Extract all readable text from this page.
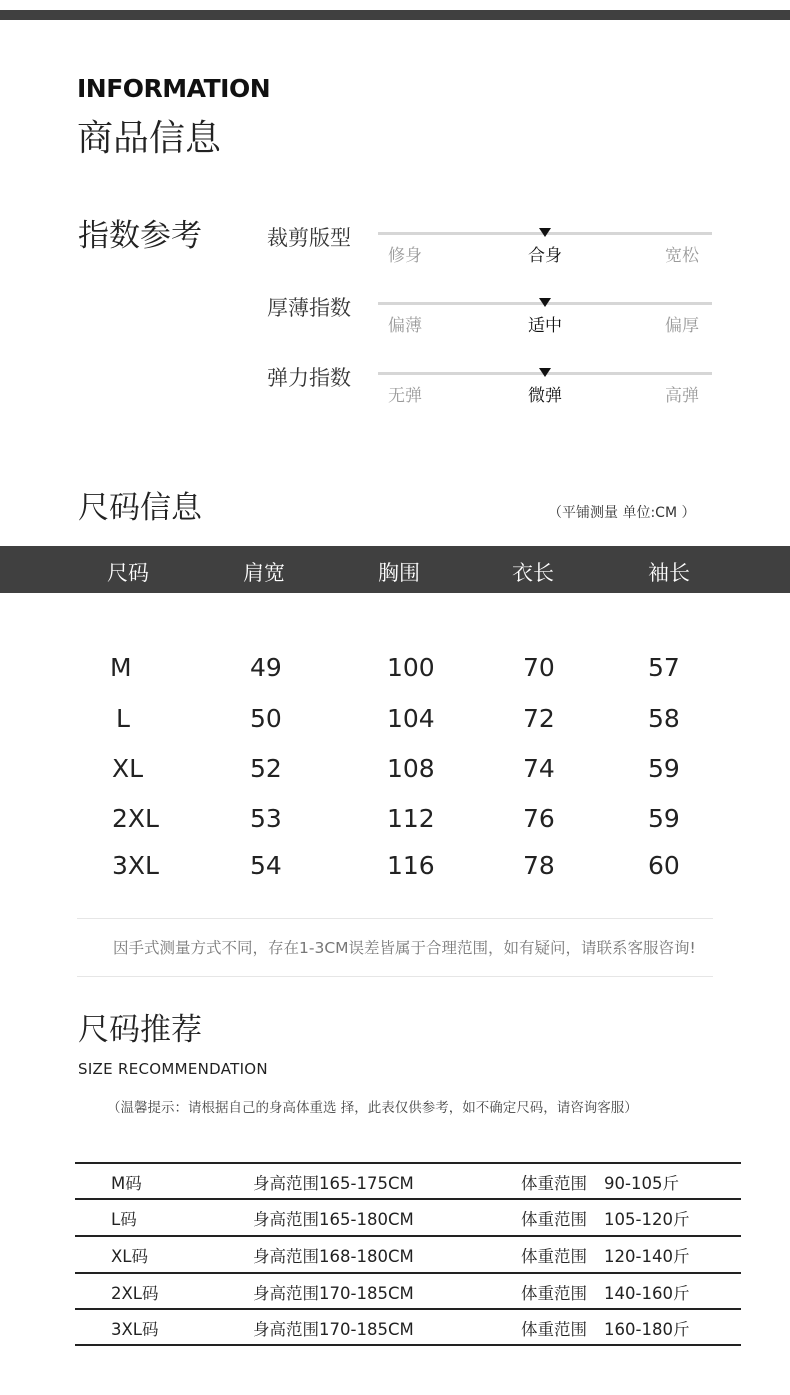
INFORMATION
商品信息
指数参考	裁剪版型
修身	合身	宽松
厚薄指数
偏薄	适中	偏厚
弹力指数
无弹	微弹	高弹
尺码信息	（平铺测量 单位:CM ）
尺码	肩宽	胸围	衣长	袖长
M	49	100	70	57
L	50	104	72	58
XL	52	108	74	59
2XL	53	112	76	59
3XL	54	116	78	60
因手式测量方式不同，存在1-3CM误差皆属于合理范围，如有疑问，请联系客服咨询!
尺码推荐
SIZE RECOMMENDATION
（温馨提示：请根据自己的身高体重选 择，此表仅供参考，如不确定尺码，请咨询客服）
M码	身高范围165-175CM	体重范围 90-105斤
L码	身高范围165-180CM	体重范围 105-120斤
XL码	身高范围168-180CM	体重范围 120-140斤
2XL码	身高范围170-185CM	体重范围 140-160斤
3XL码	身高范围170-185CM	体重范围 160-180斤
